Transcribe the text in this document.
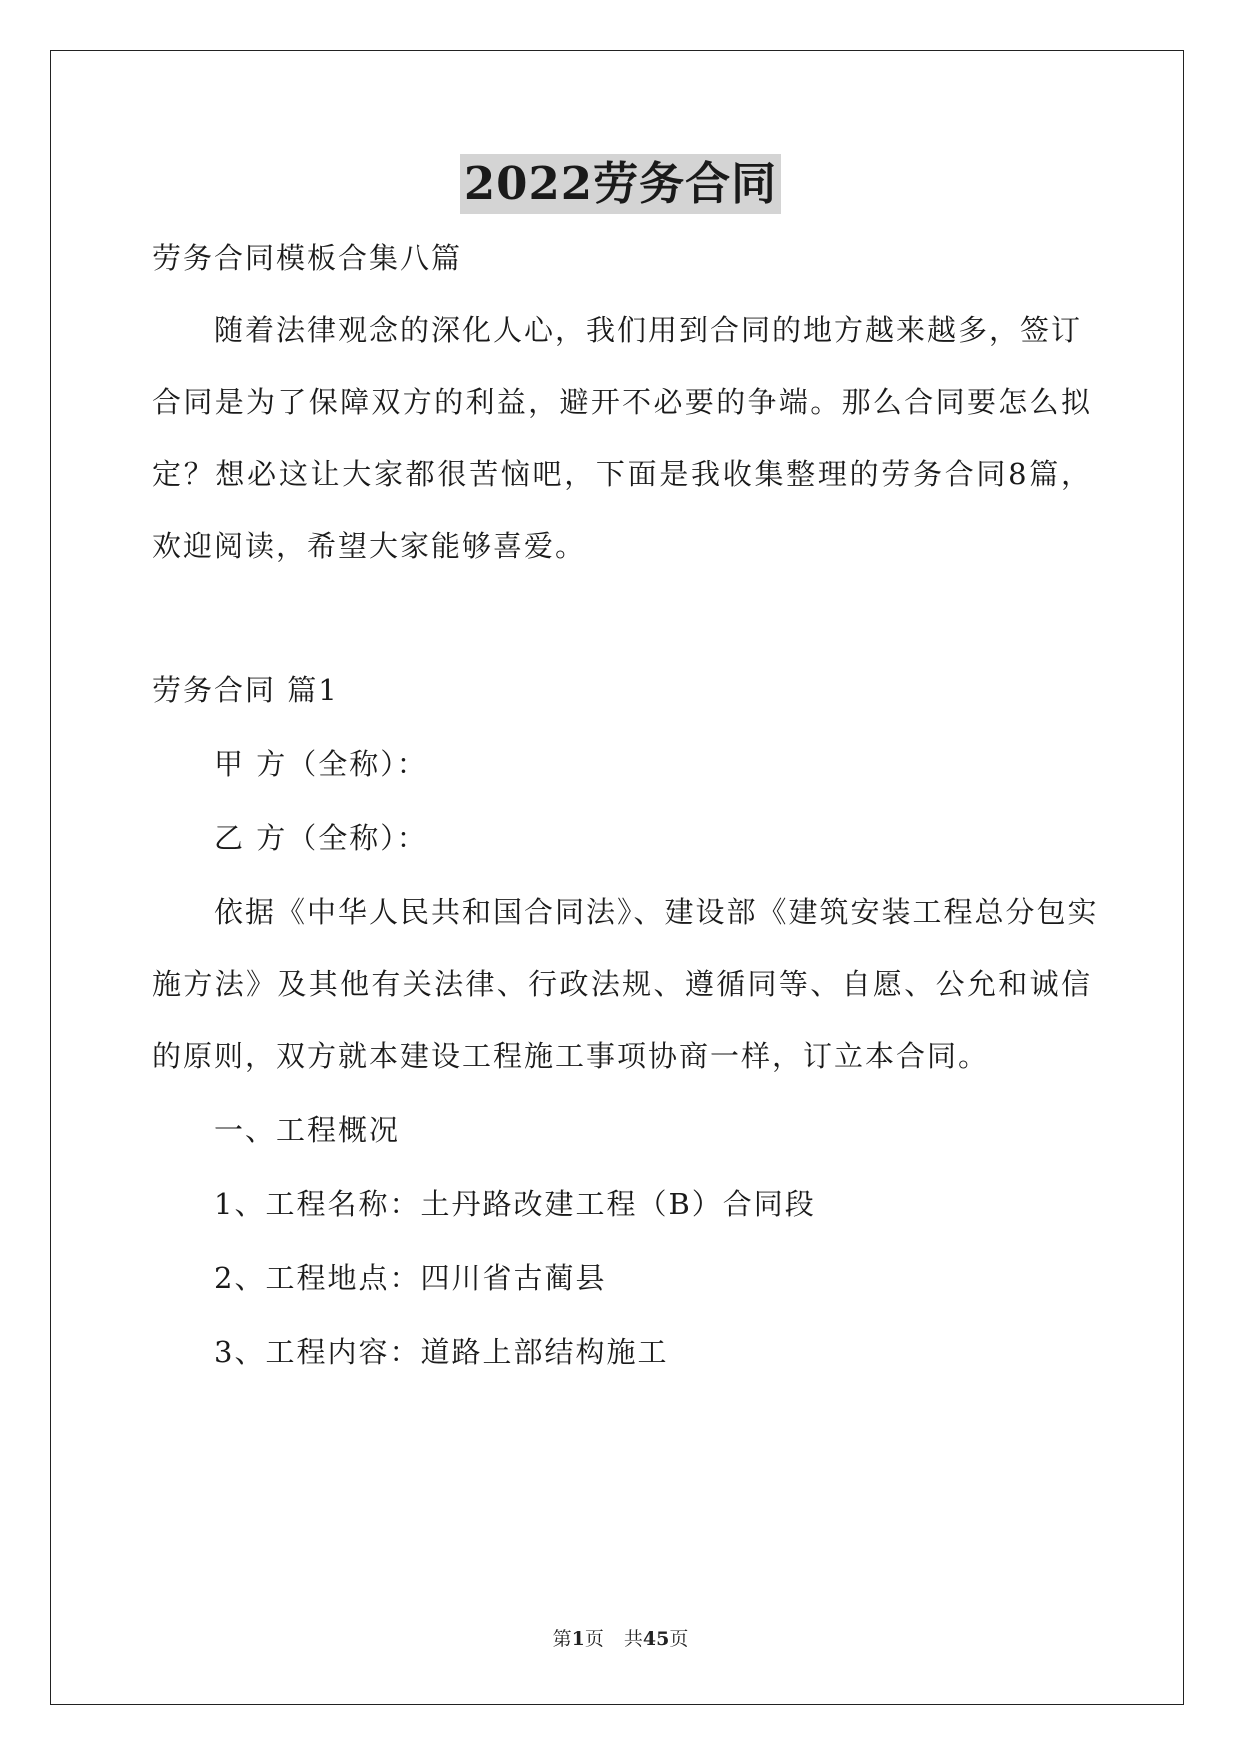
2022劳务合同
劳务合同模板合集八篇
随着法律观念的深化人心，我们用到合同的地方越来越多，签订
合同是为了保障双方的利益，避开不必要的争端。那么合同要怎么拟
定？想必这让大家都很苦恼吧，下面是我收集整理的劳务合同8篇，
欢迎阅读，希望大家能够喜爱。
劳务合同 篇1
甲 方（全称）：
乙 方（全称）：
依据《中华人民共和国合同法》、建设部《建筑安装工程总分包实
施方法》及其他有关法律、行政法规、遵循同等、自愿、公允和诚信
的原则，双方就本建设工程施工事项协商一样，订立本合同。
一、工程概况
1、工程名称：土丹路改建工程（B）合同段
2、工程地点：四川省古蔺县
3、工程内容：道路上部结构施工
第1页 共45页
